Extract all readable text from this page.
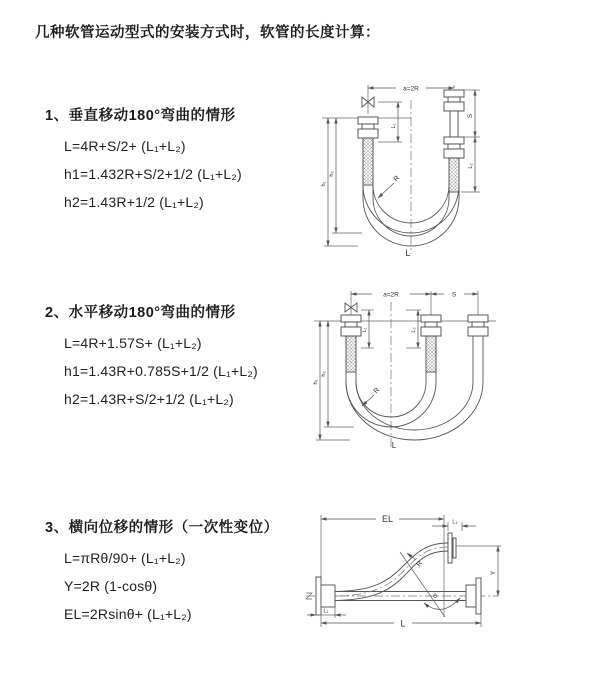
几种软管运动型式的安装方式时，软管的长度计算：
1、垂直移动180°弯曲的情形
L=4R+S/2+ (L₁+L₂)
h1=1.432R+S/2+1/2 (L₁+L₂)
h2=1.43R+1/2 (L₁+L₂)
2、水平移动180°弯曲的情形
L=4R+1.57S+ (L₁+L₂)
h1=1.43R+0.785S+1/2 (L₁+L₂)
h2=1.43R+S/2+1/2 (L₁+L₂)
3、横向位移的情形（一次性变位）
L=πRθ/90+ (L₁+L₂)
Y=2R (1-cosθ)
EL=2Rsinθ+ (L₁+L₂)
a=2R
L₁
S
L₂
h₁
h₂
R
L
a=2R	S
L₁	L₂
h₁
h₂
R
L
EL	L₂
θ
R
Y
L₁
L
